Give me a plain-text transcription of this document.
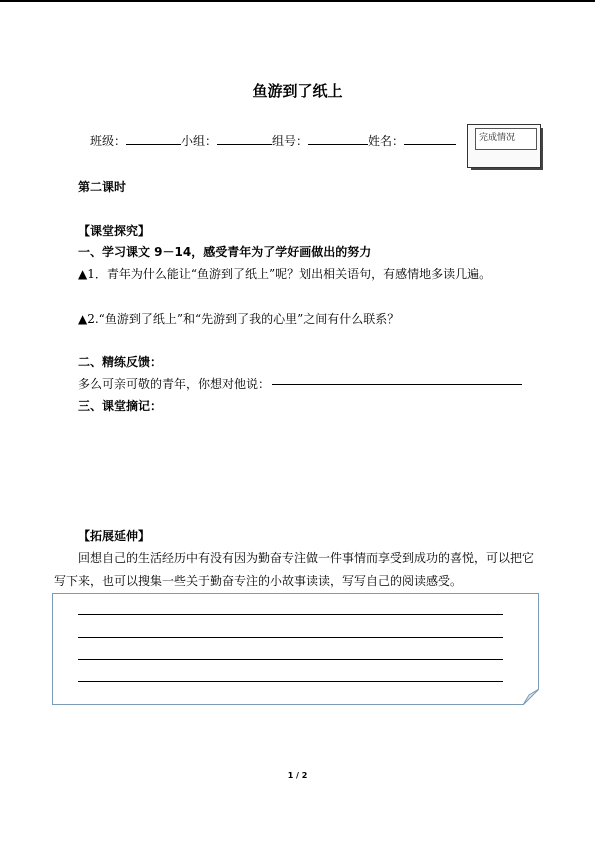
鱼游到了纸上
班级：	小组：	组号：	姓名：	完成情况
第二课时
【课堂探究】
一、学习课文 9－14，感受青年为了学好画做出的努力
▲1．青年为什么能让“鱼游到了纸上”呢？划出相关语句，有感情地多读几遍。
▲2.“鱼游到了纸上”和“先游到了我的心里”之间有什么联系？
二、精练反馈：
多么可亲可敬的青年，你想对他说：
三、课堂摘记：
【拓展延伸】
回想自己的生活经历中有没有因为勤奋专注做一件事情而享受到成功的喜悦，可以把它
写下来，也可以搜集一些关于勤奋专注的小故事读读，写写自己的阅读感受。
1 / 2
